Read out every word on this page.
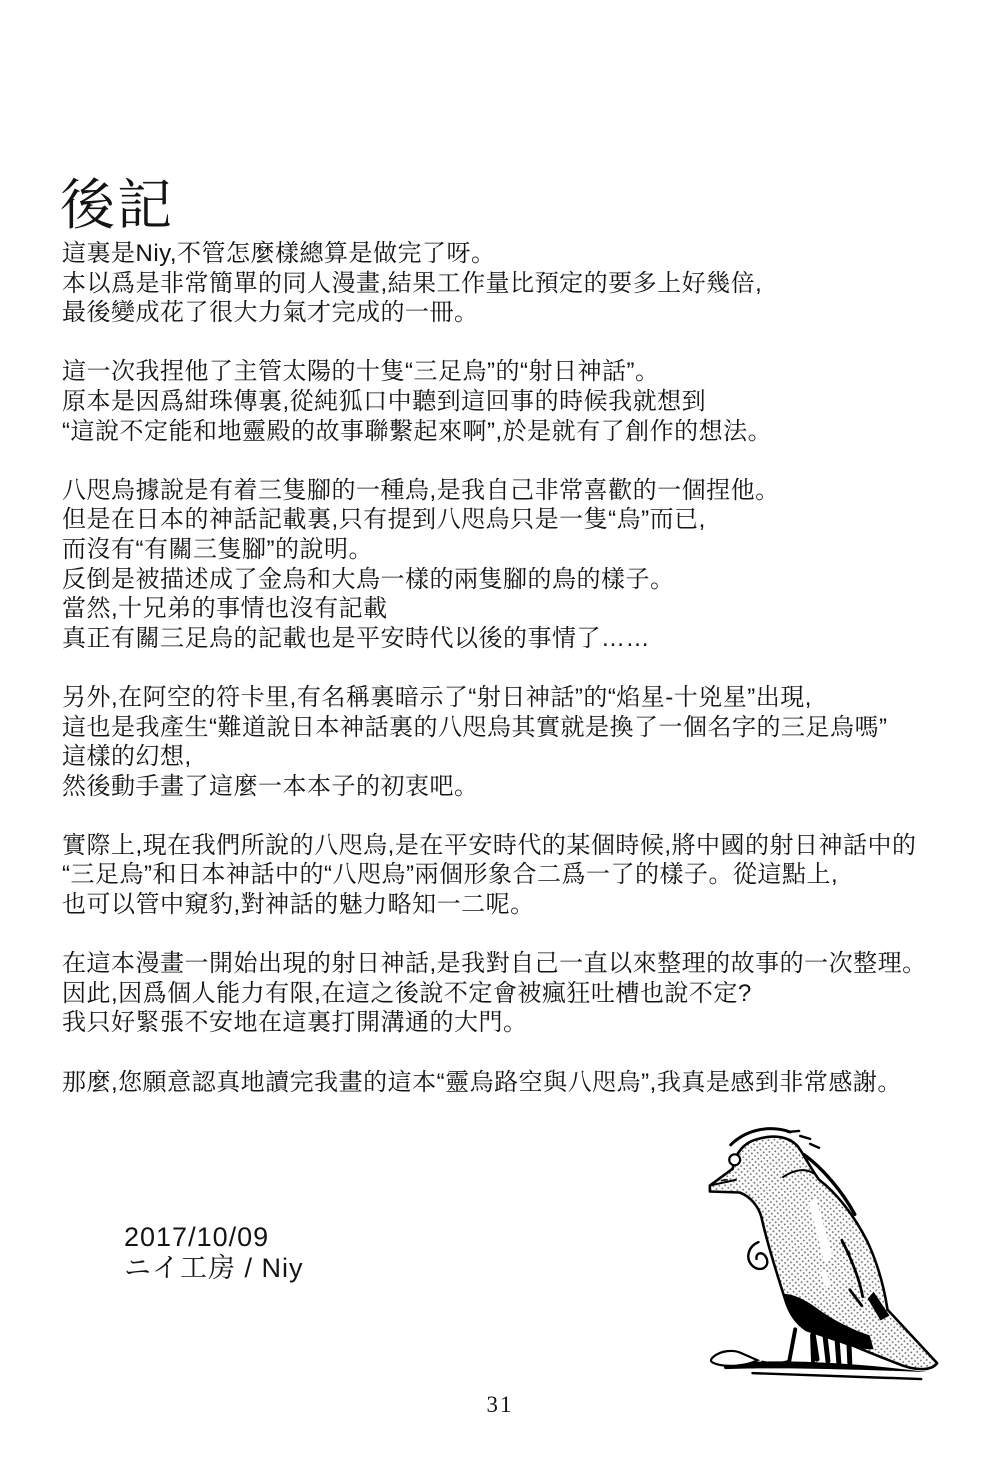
後記
這裏是Niy,不管怎麼樣總算是做完了呀。
本以爲是非常簡單的同人漫畫,結果工作量比預定的要多上好幾倍,
最後變成花了很大力氣才完成的一冊。
這一次我捏他了主管太陽的十隻“三足烏”的“射日神話”。
原本是因爲紺珠傳裏,從純狐口中聽到這回事的時候我就想到
“這說不定能和地靈殿的故事聯繫起來啊”,於是就有了創作的想法。
八咫烏據說是有着三隻腳的一種烏,是我自己非常喜歡的一個捏他。
但是在日本的神話記載裏,只有提到八咫烏只是一隻“烏”而已,
而沒有“有關三隻腳”的說明。
反倒是被描述成了金烏和大鳥一樣的兩隻腳的鳥的樣子。
當然,十兄弟的事情也沒有記載
真正有關三足烏的記載也是平安時代以後的事情了……
另外,在阿空的符卡里,有名稱裏暗示了“射日神話”的“焰星-十兇星”出現,
這也是我產生“難道說日本神話裏的八咫烏其實就是換了一個名字的三足烏嗎”
這樣的幻想,
然後動手畫了這麼一本本子的初衷吧。
實際上,現在我們所說的八咫烏,是在平安時代的某個時候,將中國的射日神話中的
“三足烏”和日本神話中的“八咫烏”兩個形象合二爲一了的樣子。從這點上,
也可以管中窺豹,對神話的魅力略知一二呢。
在這本漫畫一開始出現的射日神話,是我對自己一直以來整理的故事的一次整理。
因此,因爲個人能力有限,在這之後說不定會被瘋狂吐槽也說不定?
我只好緊張不安地在這裏打開溝通的大門。
那麼,您願意認真地讀完我畫的這本“靈烏路空與八咫烏”,我真是感到非常感謝。
2017/10/09
ニイ工房 / Niy
31
